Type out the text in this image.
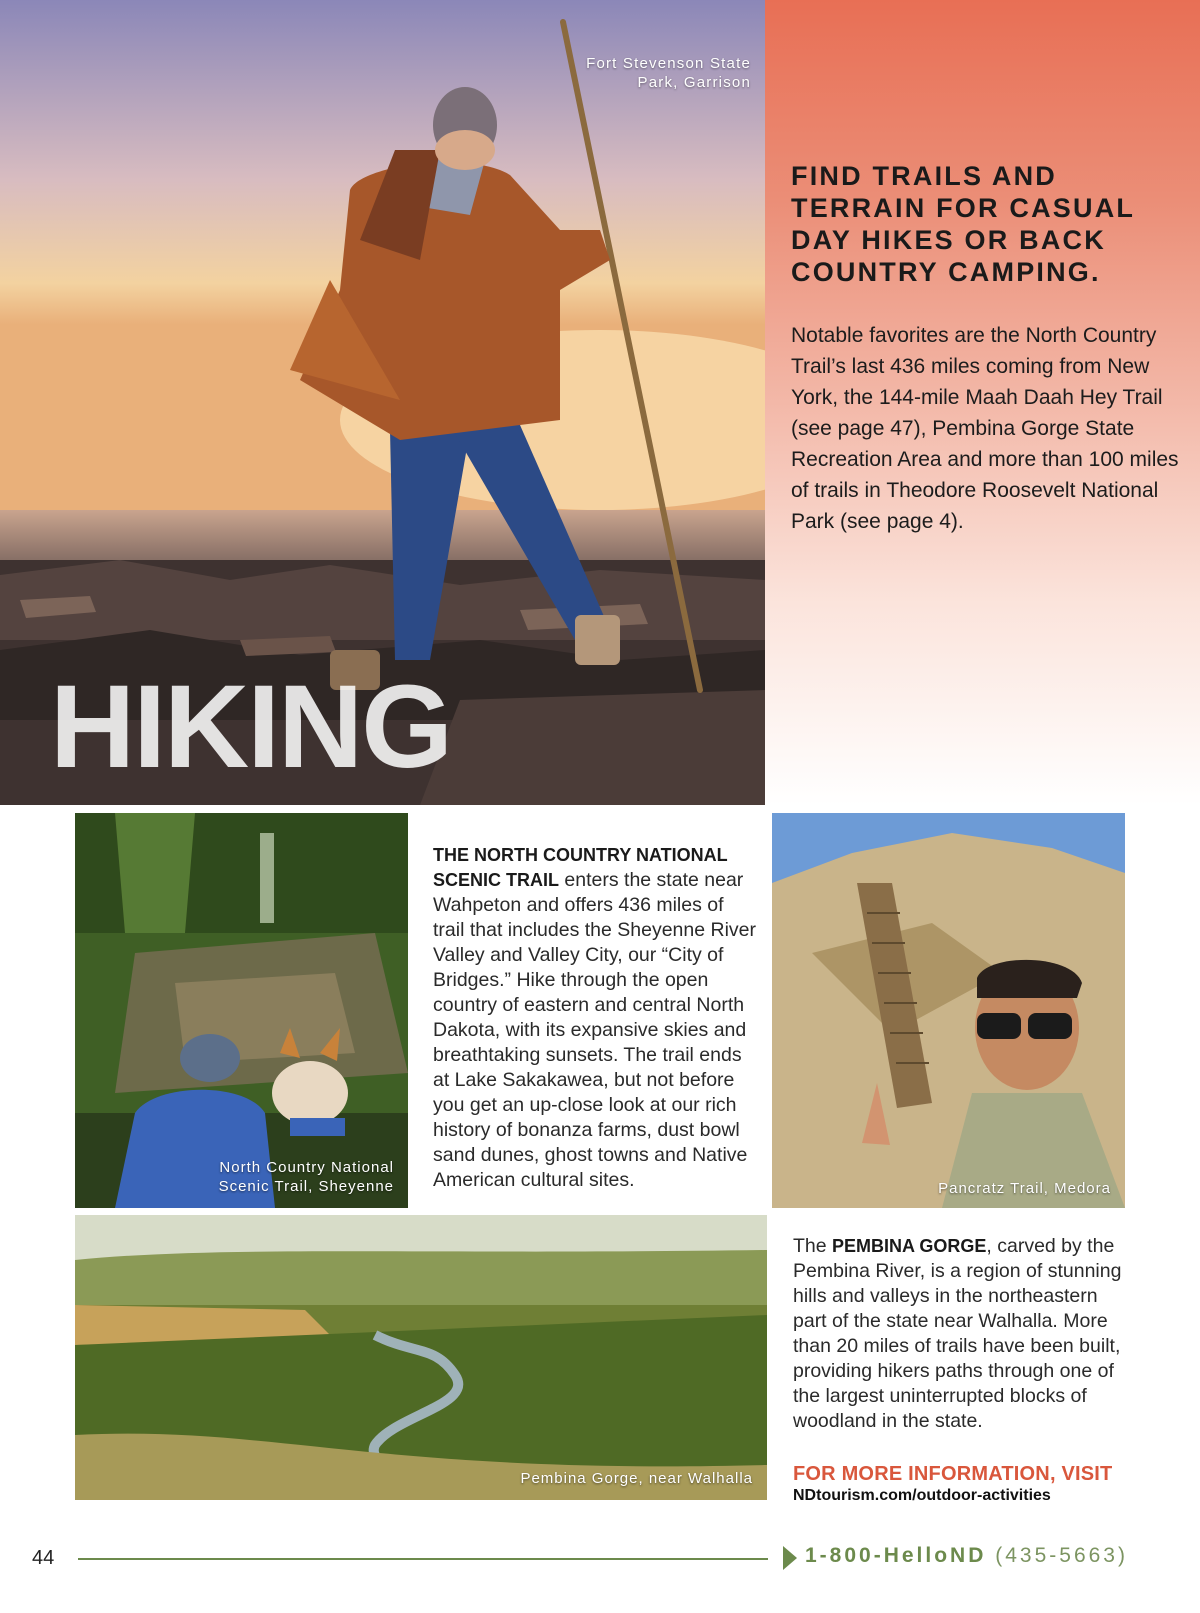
Fort Stevenson State
Park, Garrison
HIKING
FIND TRAILS AND TERRAIN FOR CASUAL DAY HIKES OR BACK COUNTRY CAMPING.
Notable favorites are the North Country Trail’s last 436 miles coming from New York, the 144-mile Maah Daah Hey Trail (see page 47), Pembina Gorge State Recreation Area and more than 100 miles of trails in Theodore Roosevelt National Park (see page 4).
North Country National
Scenic Trail, Sheyenne
THE NORTH COUNTRY NATIONAL SCENIC TRAIL enters the state near Wahpeton and offers 436 miles of trail that includes the Sheyenne River Valley and Valley City, our “City of Bridges.” Hike through the open country of eastern and central North Dakota, with its expansive skies and breathtaking sunsets. The trail ends at Lake Sakakawea, but not before you get an up-close look at our rich history of bonanza farms, dust bowl sand dunes, ghost towns and Native American cultural sites.	Pancratz Trail, Medora
Pembina Gorge, near Walhalla
The PEMBINA GORGE, carved by the Pembina River, is a region of stunning hills and valleys in the northeastern part of the state near Walhalla. More than 20 miles of trails have been built, providing hikers paths through one of the largest uninterrupted blocks of woodland in the state.
FOR MORE INFORMATION, VISIT
NDtourism.com/outdoor-activities
44	1-800-HelloND (435-5663)
